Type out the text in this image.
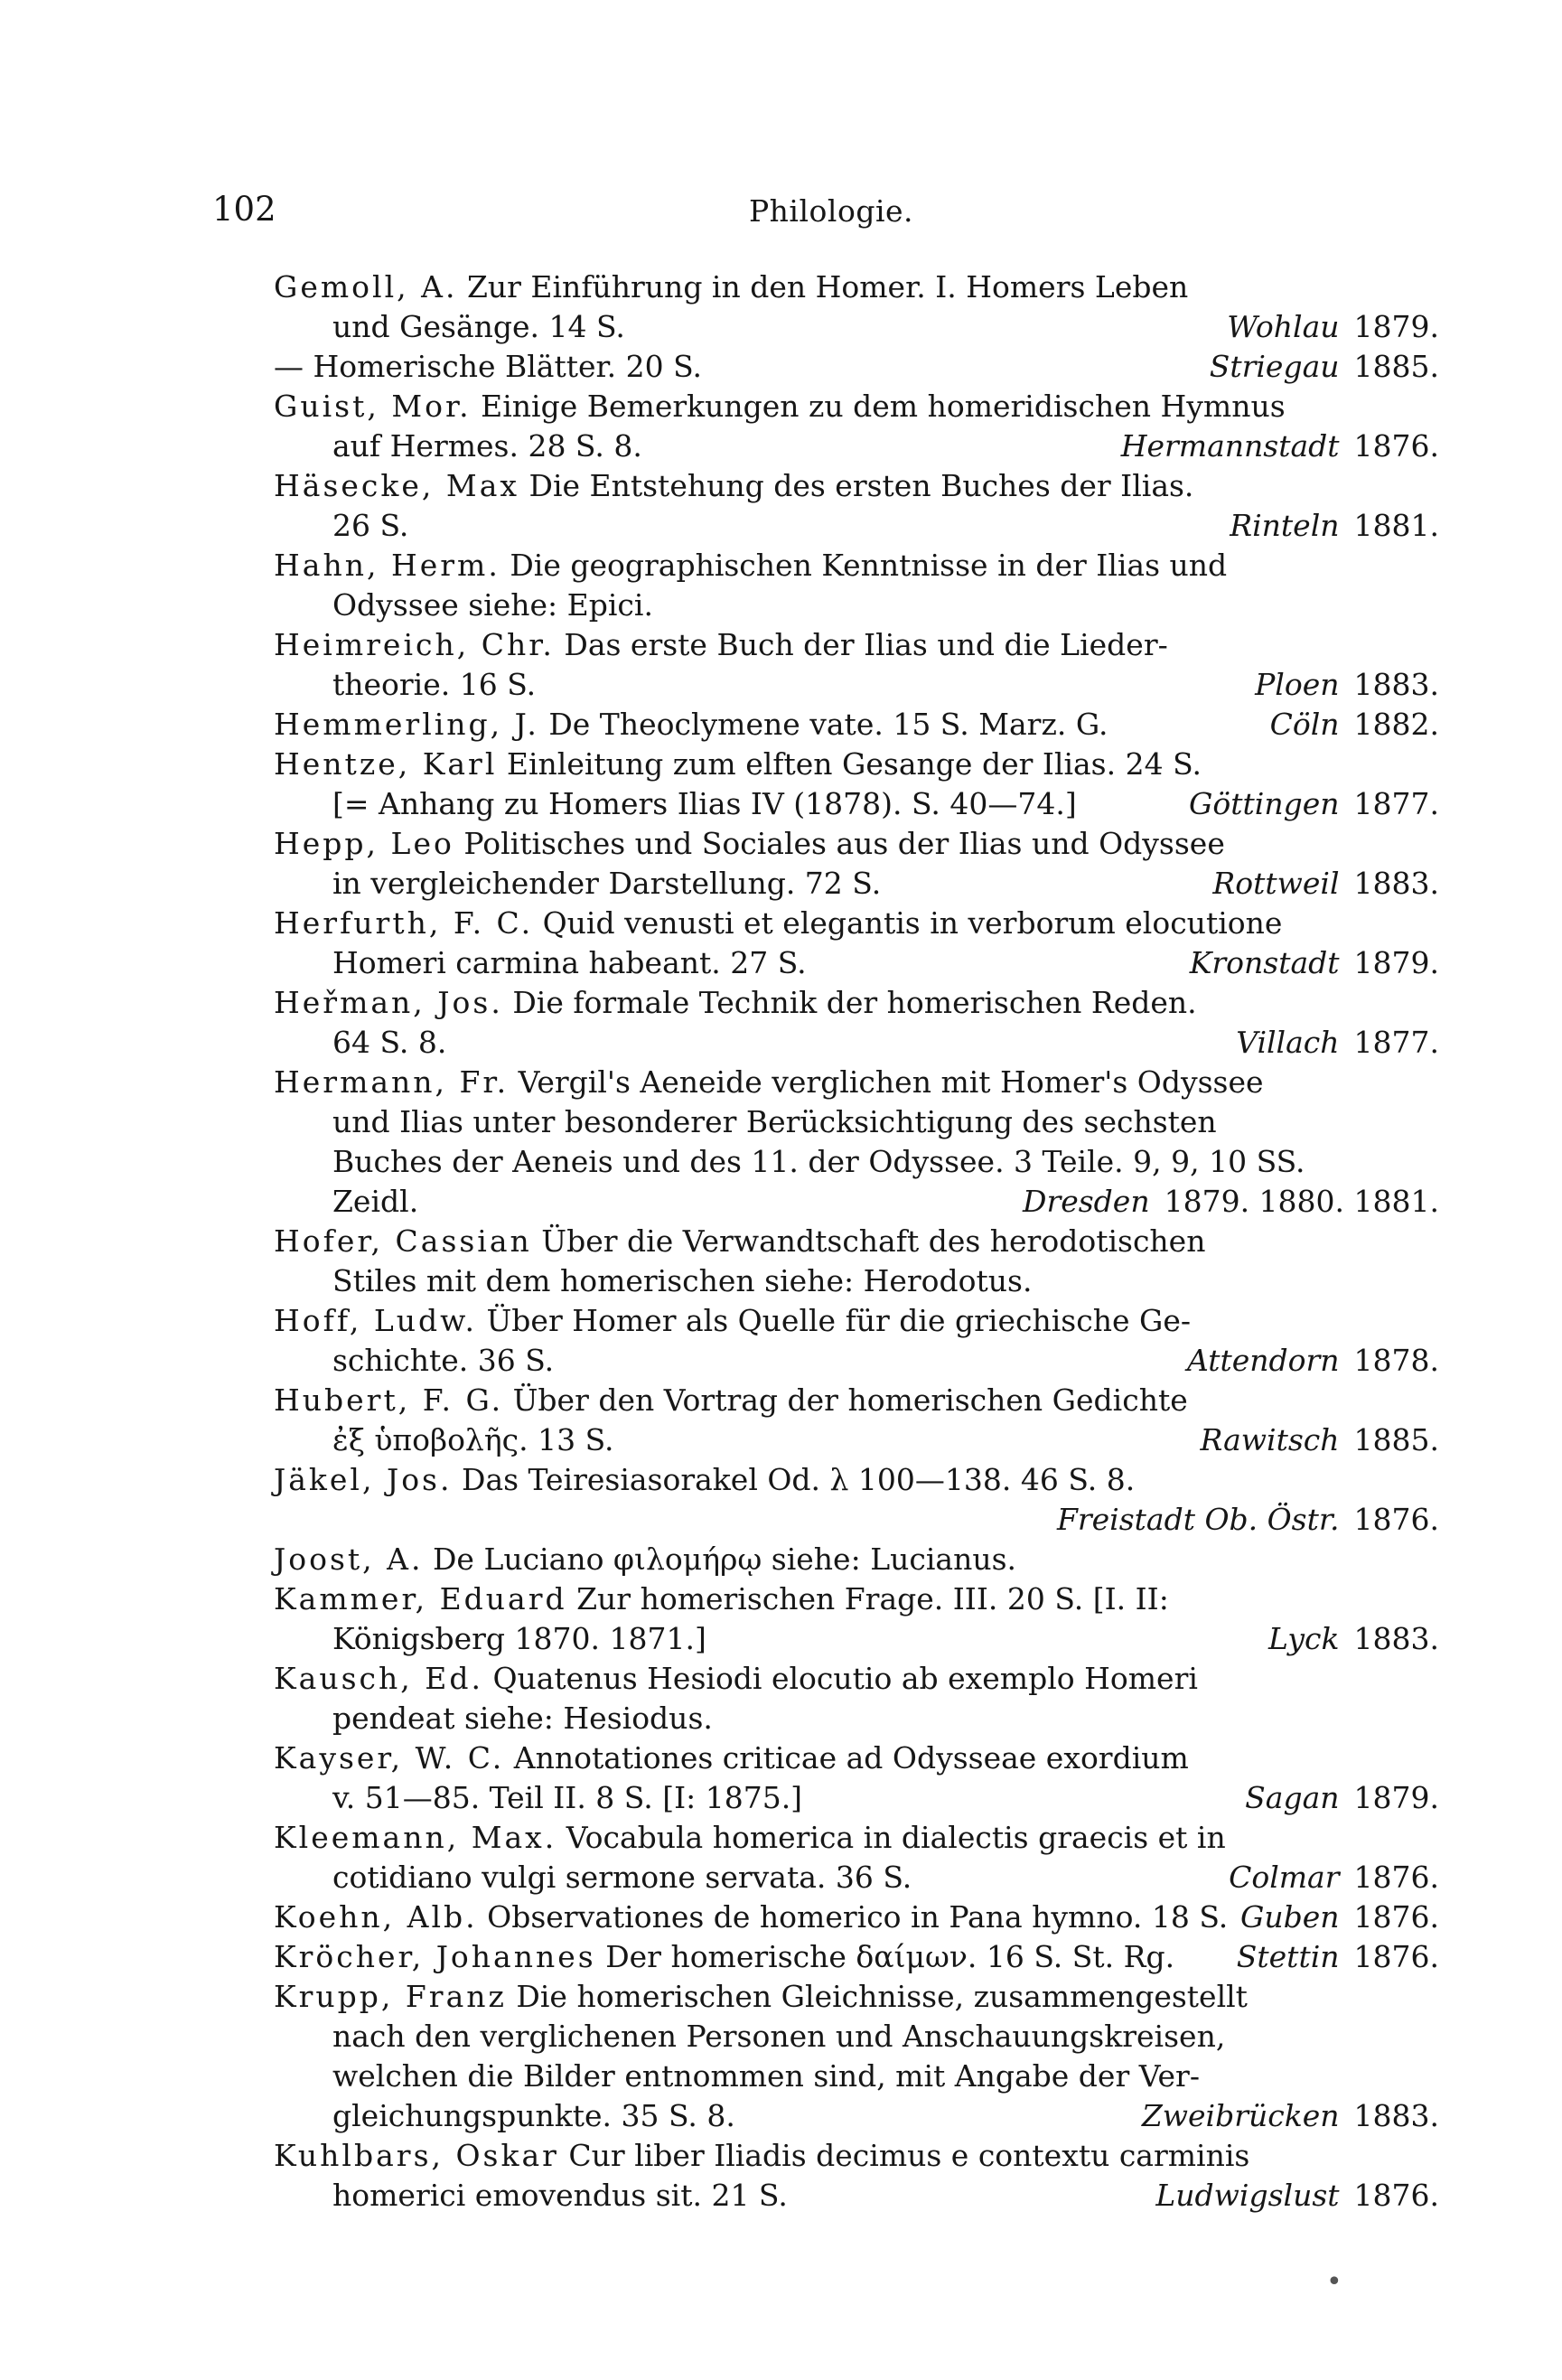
102	Philologie.
Gemoll, A. Zur Einführung in den Homer. I. Homers Leben
und Gesänge. 14 S.	Wohlau 1879.
— Homerische Blätter. 20 S.	Striegau 1885.
Guist, Mor. Einige Bemerkungen zu dem homeridischen Hymnus
auf Hermes. 28 S. 8.	Hermannstadt 1876.
Häsecke, Max Die Entstehung des ersten Buches der Ilias.
26 S.	Rinteln 1881.
Hahn, Herm. Die geographischen Kenntnisse in der Ilias und
Odyssee siehe: Epici.
Heimreich, Chr. Das erste Buch der Ilias und die Lieder-
theorie. 16 S.	Ploen 1883.
Hemmerling, J. De Theoclymene vate. 15 S. Marz. G.	Cöln 1882.
Hentze, Karl Einleitung zum elften Gesange der Ilias. 24 S.
[= Anhang zu Homers Ilias IV (1878). S. 40—74.]	Göttingen 1877.
Hepp, Leo Politisches und Sociales aus der Ilias und Odyssee
in vergleichender Darstellung. 72 S.	Rottweil 1883.
Herfurth, F. C. Quid venusti et elegantis in verborum elocutione
Homeri carmina habeant. 27 S.	Kronstadt 1879.
Heřman, Jos. Die formale Technik der homerischen Reden.
64 S. 8.	Villach 1877.
Hermann, Fr. Vergil's Aeneide verglichen mit Homer's Odyssee
und Ilias unter besonderer Berücksichtigung des sechsten
Buches der Aeneis und des 11. der Odyssee. 3 Teile. 9, 9, 10 SS.
Zeidl.	Dresden 1879. 1880. 1881.
Hofer, Cassian Über die Verwandtschaft des herodotischen
Stiles mit dem homerischen siehe: Herodotus.
Hoff, Ludw. Über Homer als Quelle für die griechische Ge-
schichte. 36 S.	Attendorn 1878.
Hubert, F. G. Über den Vortrag der homerischen Gedichte
ἐξ ὑποβολῆς. 13 S.	Rawitsch 1885.
Jäkel, Jos. Das Teiresiasorakel Od. λ 100—138. 46 S. 8.
Freistadt Ob. Östr. 1876.
Joost, A. De Luciano φιλομήρῳ siehe: Lucianus.
Kammer, Eduard Zur homerischen Frage. III. 20 S. [I. II:
Königsberg 1870. 1871.]	Lyck 1883.
Kausch, Ed. Quatenus Hesiodi elocutio ab exemplo Homeri
pendeat siehe: Hesiodus.
Kayser, W. C. Annotationes criticae ad Odysseae exordium
v. 51—85. Teil II. 8 S. [I: 1875.]	Sagan 1879.
Kleemann, Max. Vocabula homerica in dialectis graecis et in
cotidiano vulgi sermone servata. 36 S.	Colmar 1876.
Koehn, Alb. Observationes de homerico in Pana hymno. 18 S. Guben 1876.
Kröcher, Johannes Der homerische δαίμων. 16 S. St. Rg. Stettin 1876.
Krupp, Franz Die homerischen Gleichnisse, zusammengestellt
nach den verglichenen Personen und Anschauungskreisen,
welchen die Bilder entnommen sind, mit Angabe der Ver-
gleichungspunkte. 35 S. 8.	Zweibrücken 1883.
Kuhlbars, Oskar Cur liber Iliadis decimus e contextu carminis
homerici emovendus sit. 21 S.	Ludwigslust 1876.
•
